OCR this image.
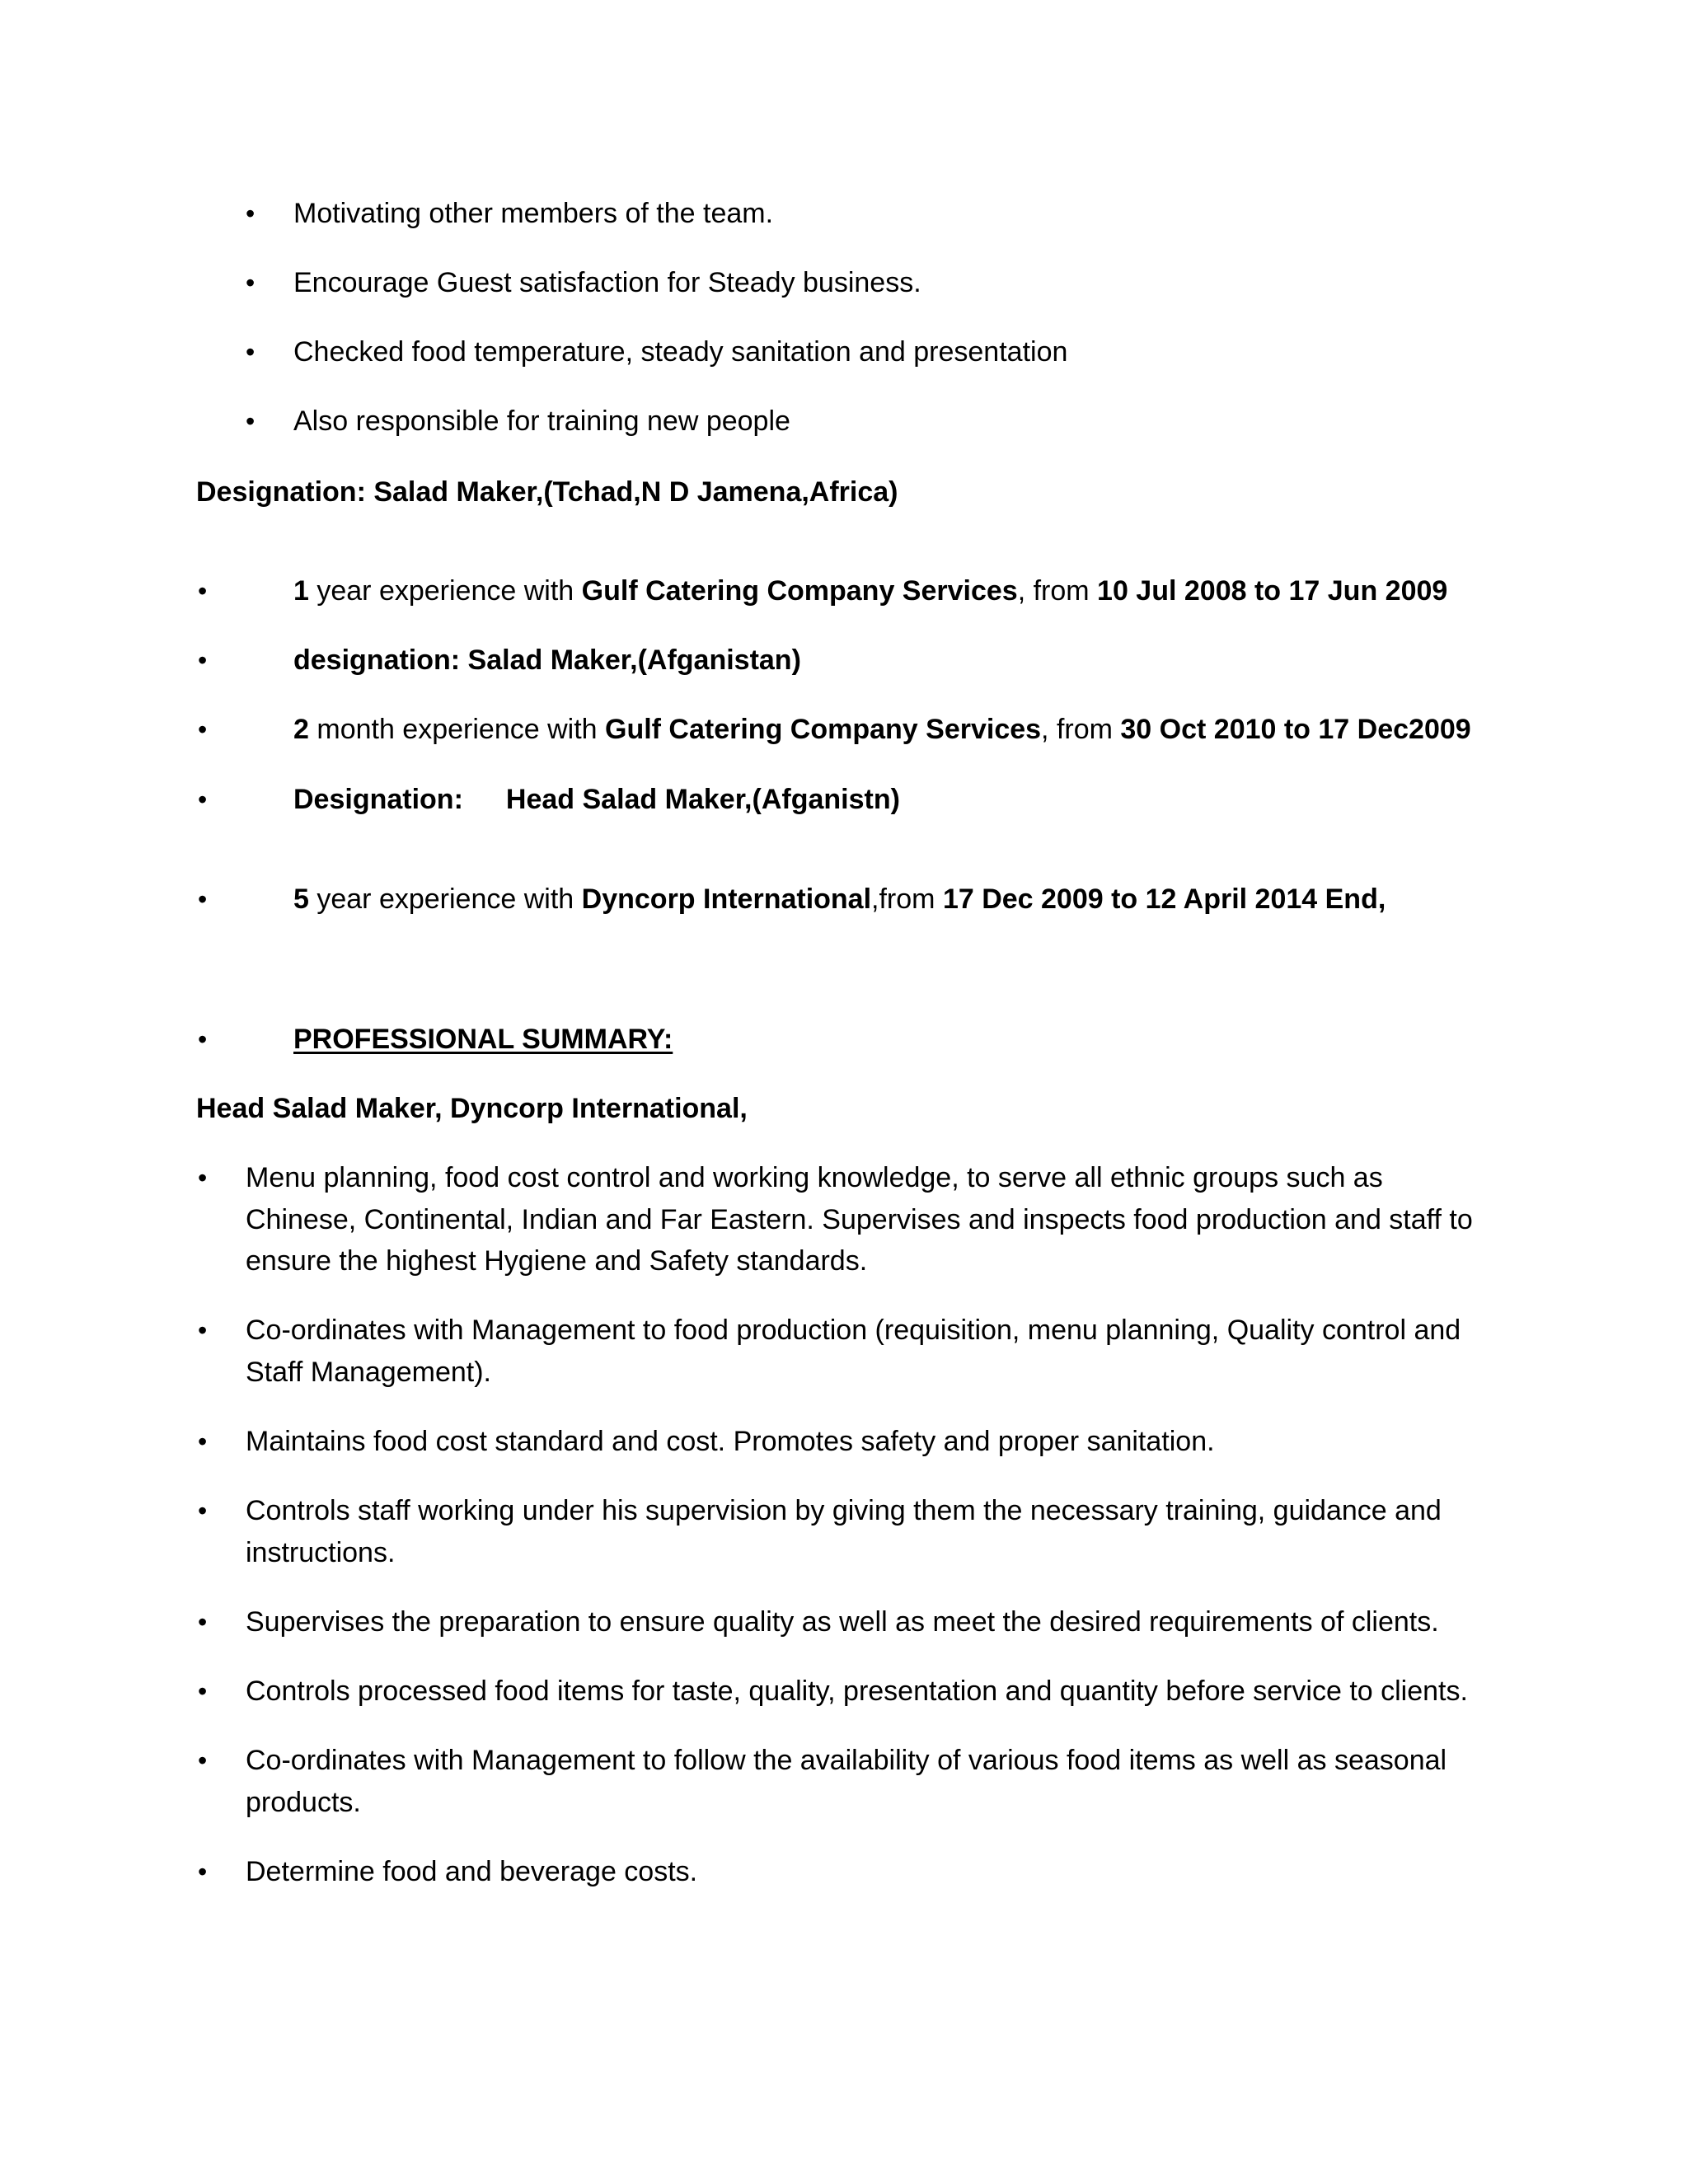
• Motivating other members of the team.
• Encourage Guest satisfaction for Steady business.
• Checked food temperature, steady sanitation and presentation
• Also responsible for training new people
Designation: Salad Maker,(Tchad,N D Jamena,Africa)
•	1 year experience with Gulf Catering Company Services, from 10 Jul 2008 to 17 Jun 2009
•	designation: Salad Maker,(Afganistan)
•	2 month experience with Gulf Catering Company Services, from 30 Oct 2010 to 17 Dec2009
•	Designation: Head Salad Maker,(Afganistn)
•	5 year experience with Dyncorp International,from 17 Dec 2009 to 12 April 2014 End,
•	PROFESSIONAL SUMMARY:
Head Salad Maker, Dyncorp International,
• Menu planning, food cost control and working knowledge, to serve all ethnic groups such as
Chinese, Continental, Indian and Far Eastern. Supervises and inspects food production and staff to
ensure the highest Hygiene and Safety standards.
• Co-ordinates with Management to food production (requisition, menu planning, Quality control and
Staff Management).
• Maintains food cost standard and cost. Promotes safety and proper sanitation.
• Controls staff working under his supervision by giving them the necessary training, guidance and
instructions.
• Supervises the preparation to ensure quality as well as meet the desired requirements of clients.
• Controls processed food items for taste, quality, presentation and quantity before service to clients.
• Co-ordinates with Management to follow the availability of various food items as well as seasonal
products.
• Determine food and beverage costs.
